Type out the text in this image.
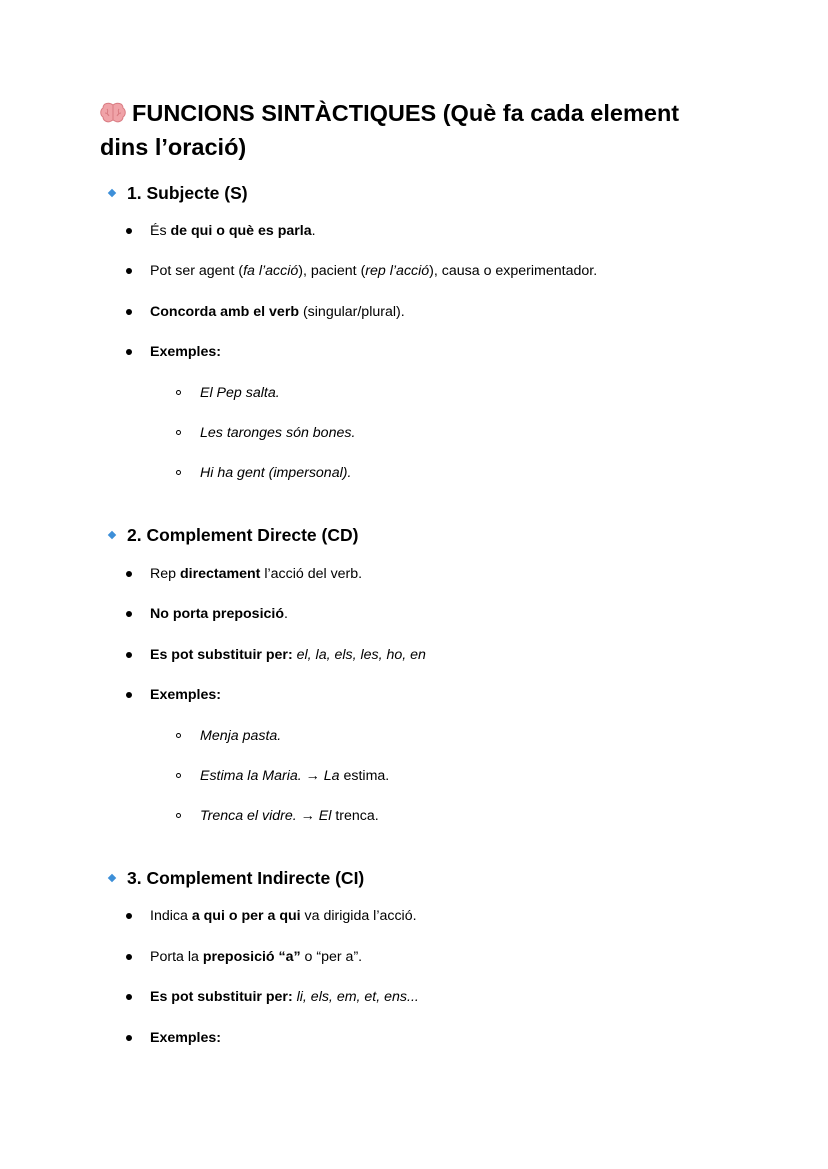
FUNCIONS SINTÀCTIQUES (Què fa cada element
dins l’oració)
1. Subjecte (S)
És de qui o què es parla.
Pot ser agent (fa l’acció), pacient (rep l’acció), causa o experimentador.
Concorda amb el verb (singular/plural).
Exemples:
El Pep salta.
Les taronges són bones.
Hi ha gent (impersonal).
2. Complement Directe (CD)
Rep directament l’acció del verb.
No porta preposició.
Es pot substituir per: el, la, els, les, ho, en
Exemples:
Menja pasta.
Estima la Maria. → La estima.
Trenca el vidre. → El trenca.
3. Complement Indirecte (CI)
Indica a qui o per a qui va dirigida l’acció.
Porta la preposició “a” o “per a”.
Es pot substituir per: li, els, em, et, ens...
Exemples:
